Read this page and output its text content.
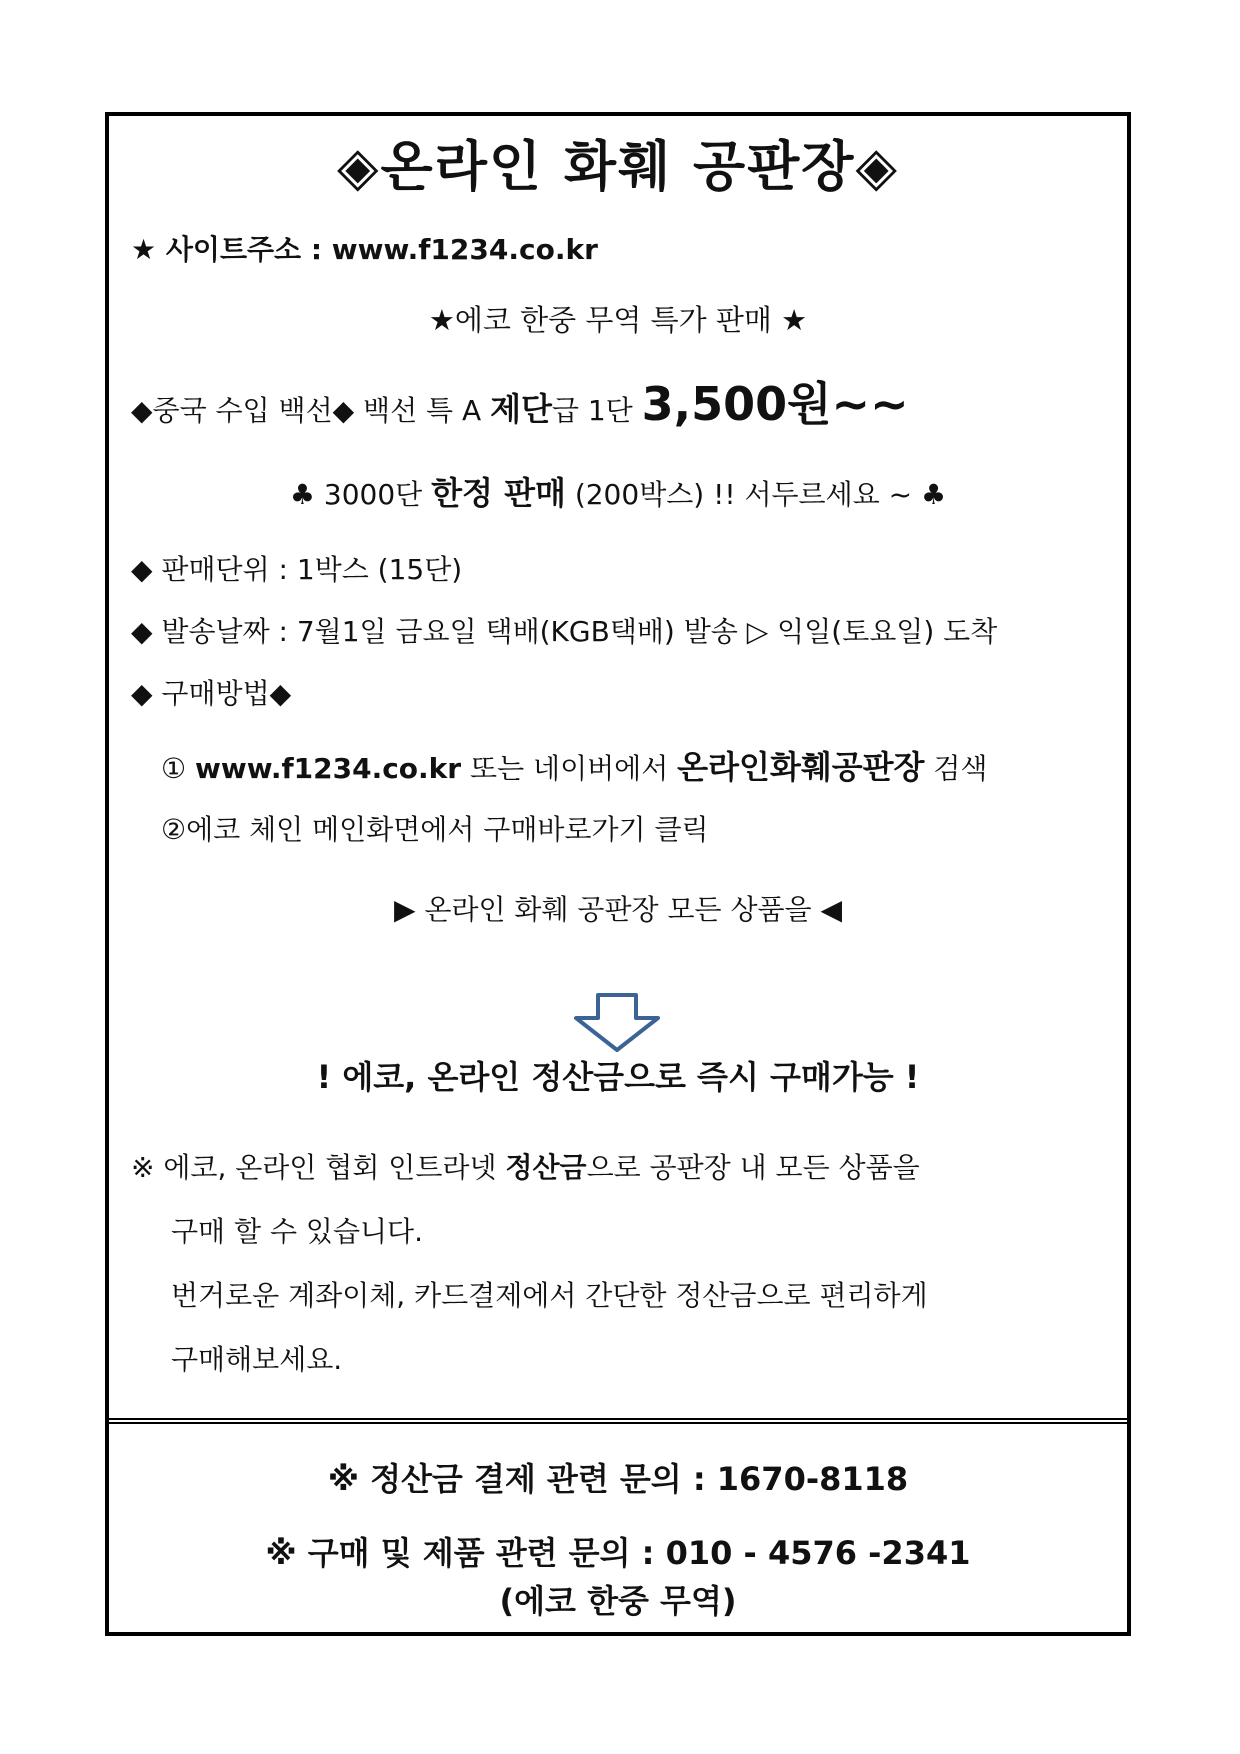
◈온라인 화훼 공판장◈
★ 사이트주소 : www.f1234.co.kr
★에코 한중 무역 특가 판매 ★
◆중국 수입 백선◆ 백선 특 A 제단급 1단 3,500원~~
♣ 3000단 한정 판매 (200박스) !! 서두르세요 ~ ♣
◆ 판매단위 : 1박스 (15단)
◆ 발송날짜 : 7월1일 금요일 택배(KGB택배) 발송 ▷ 익일(토요일) 도착
◆ 구매방법◆
① www.f1234.co.kr 또는 네이버에서 온라인화훼공판장 검색
②에코 체인 메인화면에서 구매바로가기 클릭
▶ 온라인 화훼 공판장 모든 상품을 ◀
! 에코, 온라인 정산금으로 즉시 구매가능 !
※ 에코, 온라인 협회 인트라넷 정산금으로 공판장 내 모든 상품을
구매 할 수 있습니다.
번거로운 계좌이체, 카드결제에서 간단한 정산금으로 편리하게
구매해보세요.
※ 정산금 결제 관련 문의 : 1670-8118
※ 구매 및 제품 관련 문의 : 010 - 4576 -2341
(에코 한중 무역)
